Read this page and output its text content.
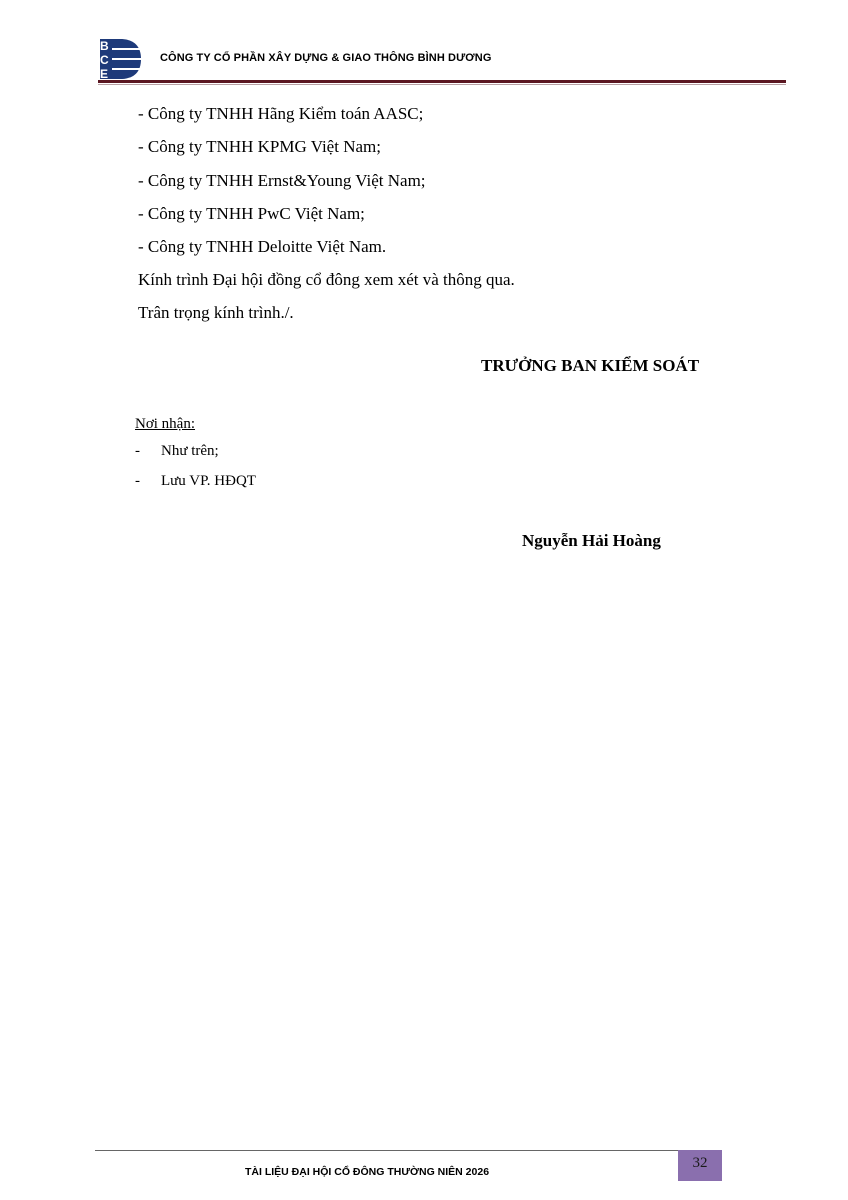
B
C
E
CÔNG TY CỔ PHẦN XÂY DỰNG & GIAO THÔNG BÌNH DƯƠNG
- Công ty TNHH Hãng Kiểm toán AASC;
- Công ty TNHH KPMG Việt Nam;
- Công ty TNHH Ernst&Young Việt Nam;
- Công ty TNHH PwC Việt Nam;
- Công ty TNHH Deloitte Việt Nam.
Kính trình Đại hội đồng cổ đông xem xét và thông qua.
Trân trọng kính trình./.
TRƯỞNG BAN KIỂM SOÁT
Nơi nhận:
- Như trên;
- Lưu VP. HĐQT
Nguyễn Hải Hoàng
TÀI LIỆU ĐẠI HỘI CỔ ĐÔNG THƯỜNG NIÊN 2026
32
